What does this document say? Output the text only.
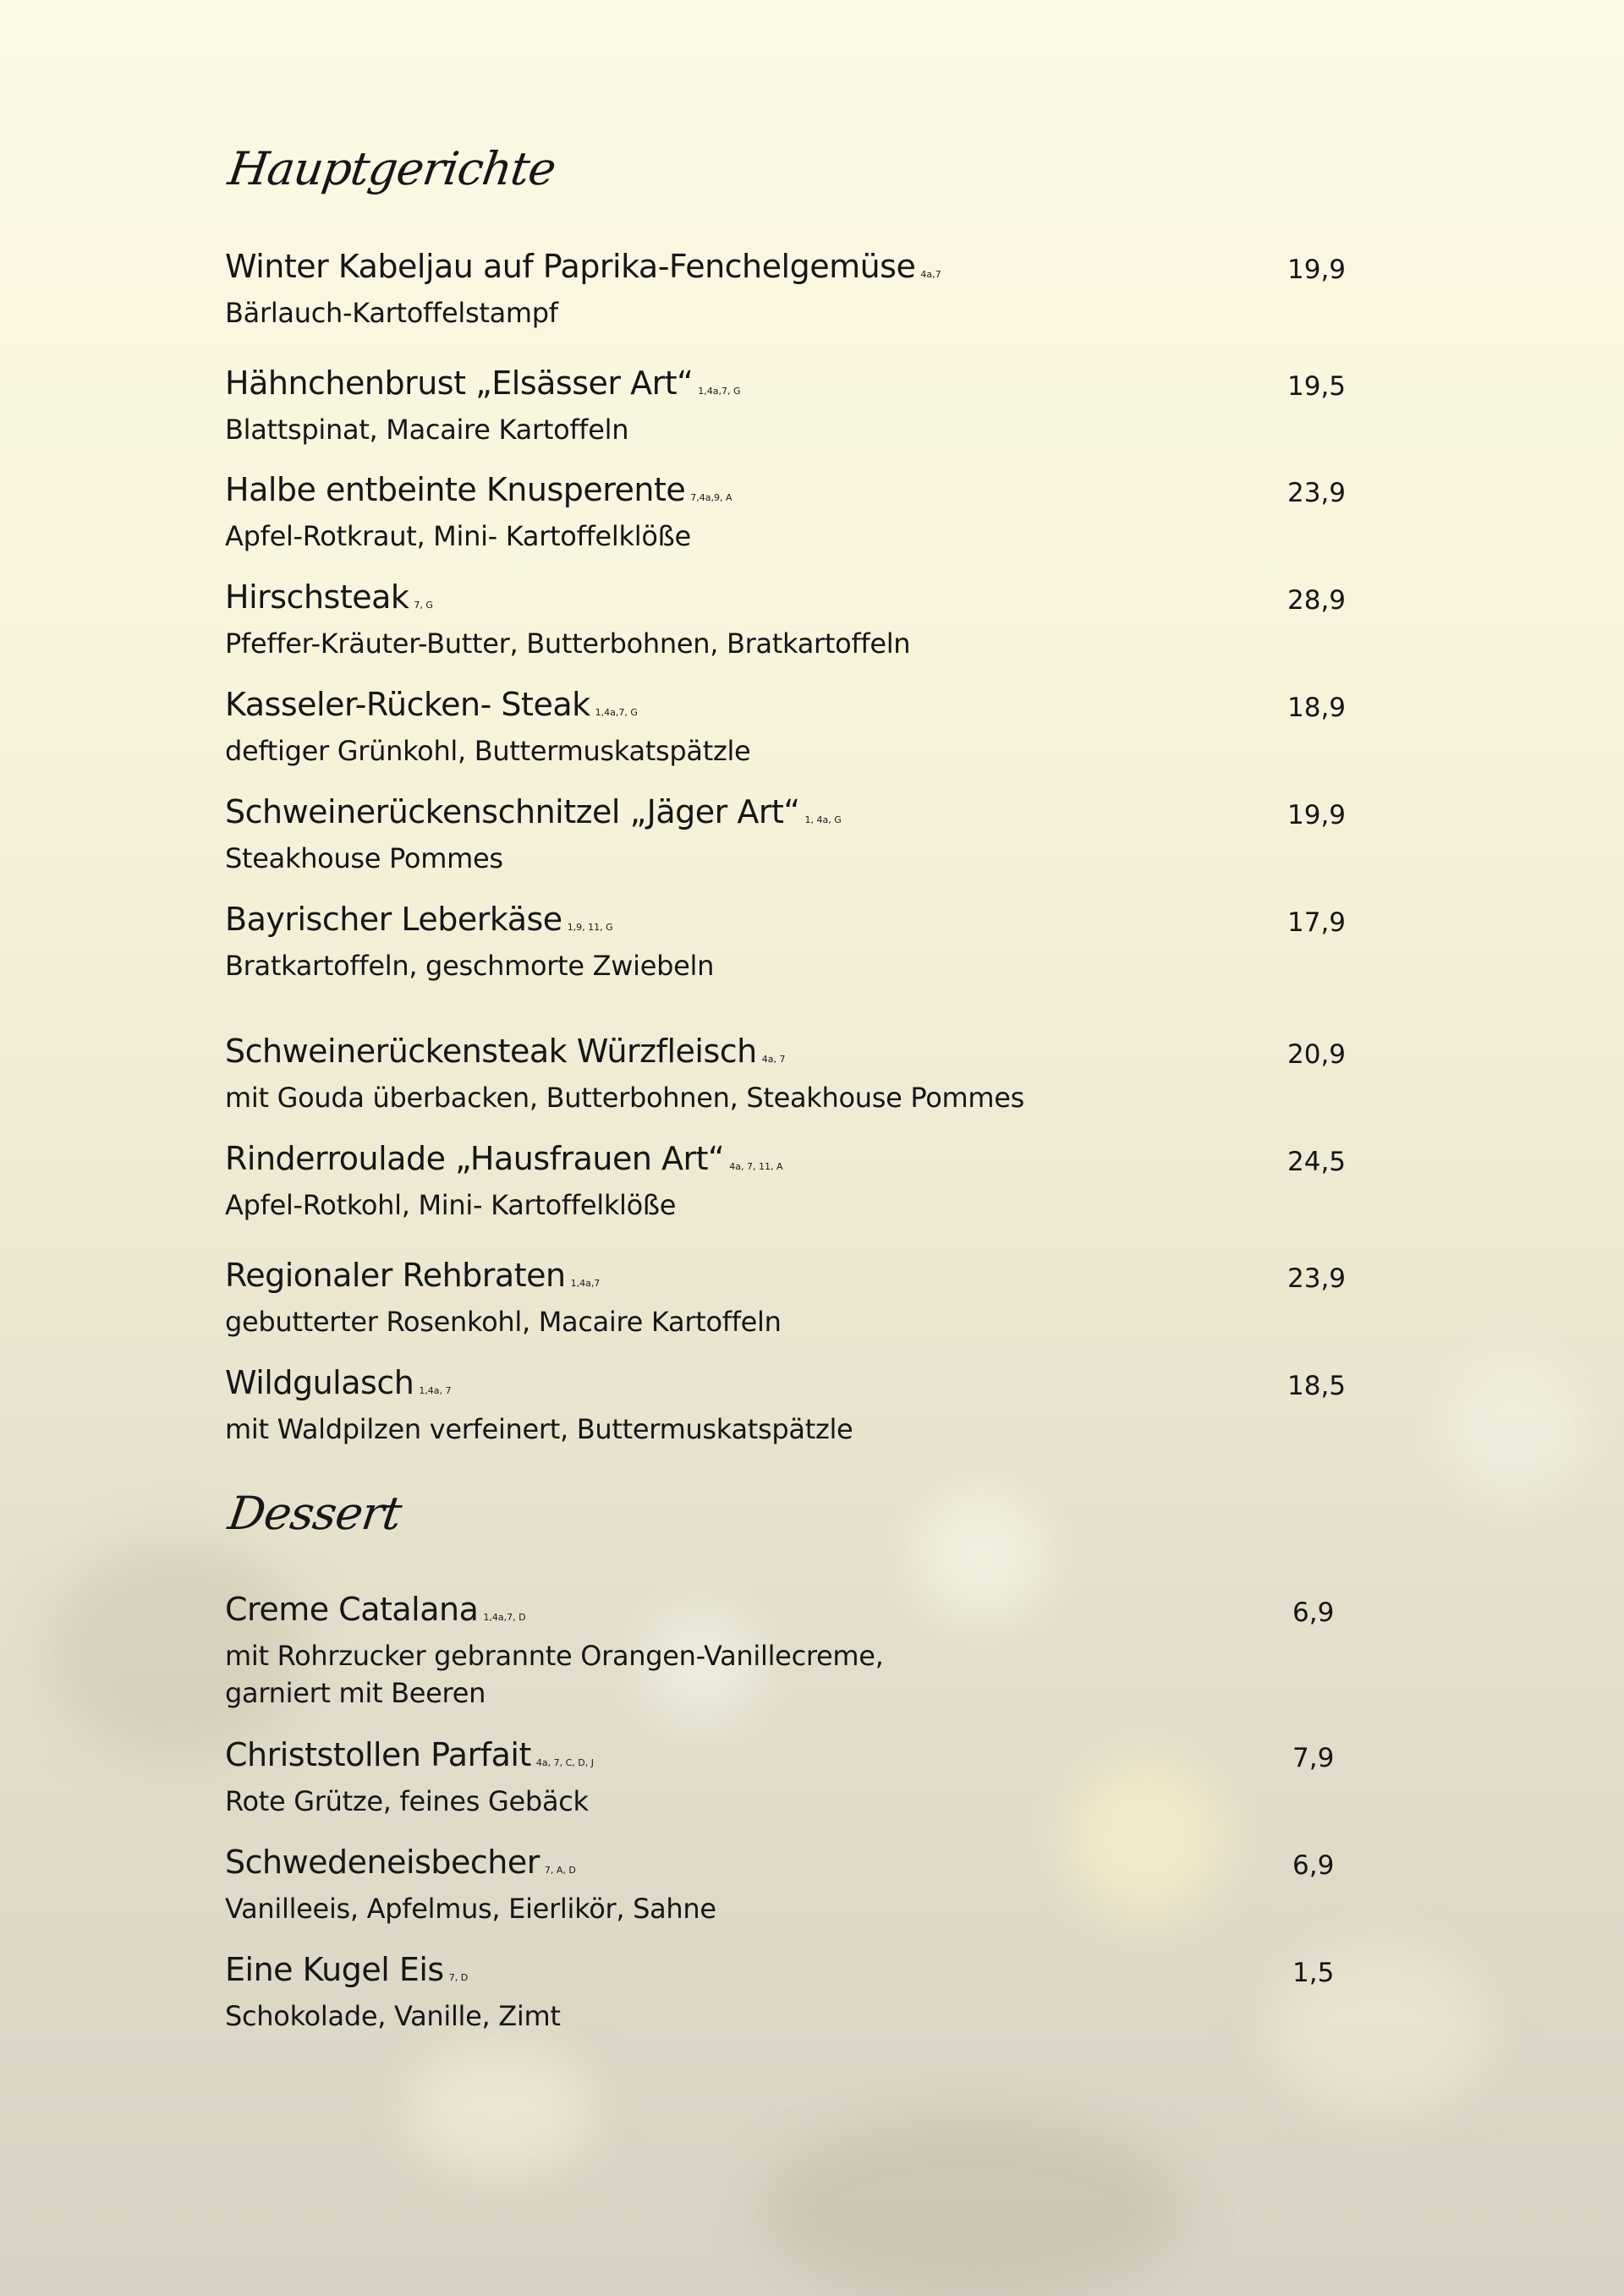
Hauptgerichte
Winter Kabeljau auf Paprika-Fenchelgemüse 4a,7
Bärlauch-Kartoffelstampf
19,9
Hähnchenbrust „Elsässer Art“ 1,4a,7, G
Blattspinat, Macaire Kartoffeln
19,5
Halbe entbeinte Knusperente 7,4a,9, A
Apfel-Rotkraut, Mini- Kartoffelklöße
23,9
Hirschsteak 7, G
Pfeffer-Kräuter-Butter, Butterbohnen, Bratkartoffeln
28,9
Kasseler-Rücken- Steak 1,4a,7, G
deftiger Grünkohl, Buttermuskatspätzle
18,9
Schweinerückenschnitzel „Jäger Art“ 1, 4a, G
Steakhouse Pommes
19,9
Bayrischer Leberkäse 1,9, 11, G
Bratkartoffeln, geschmorte Zwiebeln
17,9
Schweinerückensteak Würzfleisch 4a, 7
mit Gouda überbacken, Butterbohnen, Steakhouse Pommes
20,9
Rinderroulade „Hausfrauen Art“ 4a, 7, 11, A
Apfel-Rotkohl, Mini- Kartoffelklöße
24,5
Regionaler Rehbraten 1,4a,7
gebutterter Rosenkohl, Macaire Kartoffeln
23,9
Wildgulasch 1,4a, 7
mit Waldpilzen verfeinert, Buttermuskatspätzle
18,5
Dessert
Creme Catalana 1,4a,7, D
mit Rohrzucker gebrannte Orangen-Vanillecreme,
garniert mit Beeren
6,9
Christstollen Parfait 4a, 7, C, D, J
Rote Grütze, feines Gebäck
7,9
Schwedeneisbecher 7, A, D
Vanilleeis, Apfelmus, Eierlikör, Sahne
6,9
Eine Kugel Eis 7, D
Schokolade, Vanille, Zimt
1,5
